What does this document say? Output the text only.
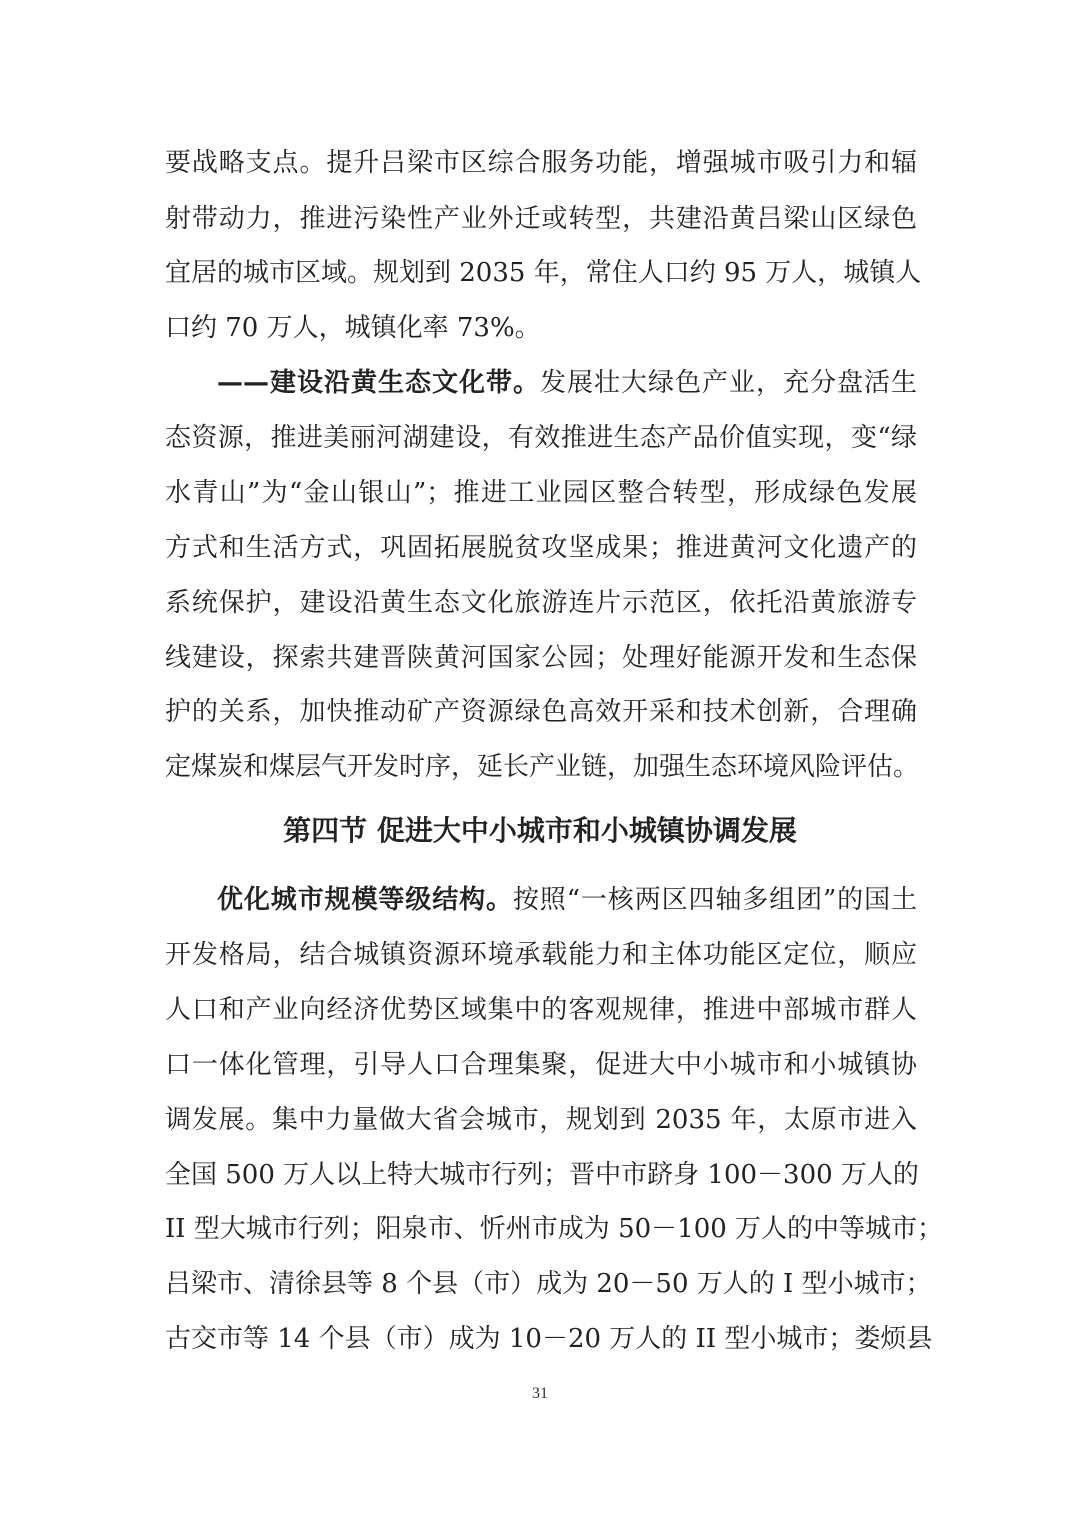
要战略支点。提升吕梁市区综合服务功能，增强城市吸引力和辐
射带动力，推进污染性产业外迁或转型，共建沿黄吕梁山区绿色
宜居的城市区域。规划到 2035 年，常住人口约 95 万人，城镇人
口约 70 万人，城镇化率 73%。
——建设沿黄生态文化带。发展壮大绿色产业，充分盘活生
态资源，推进美丽河湖建设，有效推进生态产品价值实现，变“绿
水青山”为“金山银山”；推进工业园区整合转型，形成绿色发展
方式和生活方式，巩固拓展脱贫攻坚成果；推进黄河文化遗产的
系统保护，建设沿黄生态文化旅游连片示范区，依托沿黄旅游专
线建设，探索共建晋陕黄河国家公园；处理好能源开发和生态保
护的关系，加快推动矿产资源绿色高效开采和技术创新，合理确
定煤炭和煤层气开发时序，延长产业链，加强生态环境风险评估。
第四节 促进大中小城市和小城镇协调发展
优化城市规模等级结构。按照“一核两区四轴多组团”的国土
开发格局，结合城镇资源环境承载能力和主体功能区定位，顺应
人口和产业向经济优势区域集中的客观规律，推进中部城市群人
口一体化管理，引导人口合理集聚，促进大中小城市和小城镇协
调发展。集中力量做大省会城市，规划到 2035 年，太原市进入
全国 500 万人以上特大城市行列；晋中市跻身 100－300 万人的
II 型大城市行列；阳泉市、忻州市成为 50－100 万人的中等城市；
吕梁市、清徐县等 8 个县（市）成为 20－50 万人的 I 型小城市；
古交市等 14 个县（市）成为 10－20 万人的 II 型小城市；娄烦县
31
